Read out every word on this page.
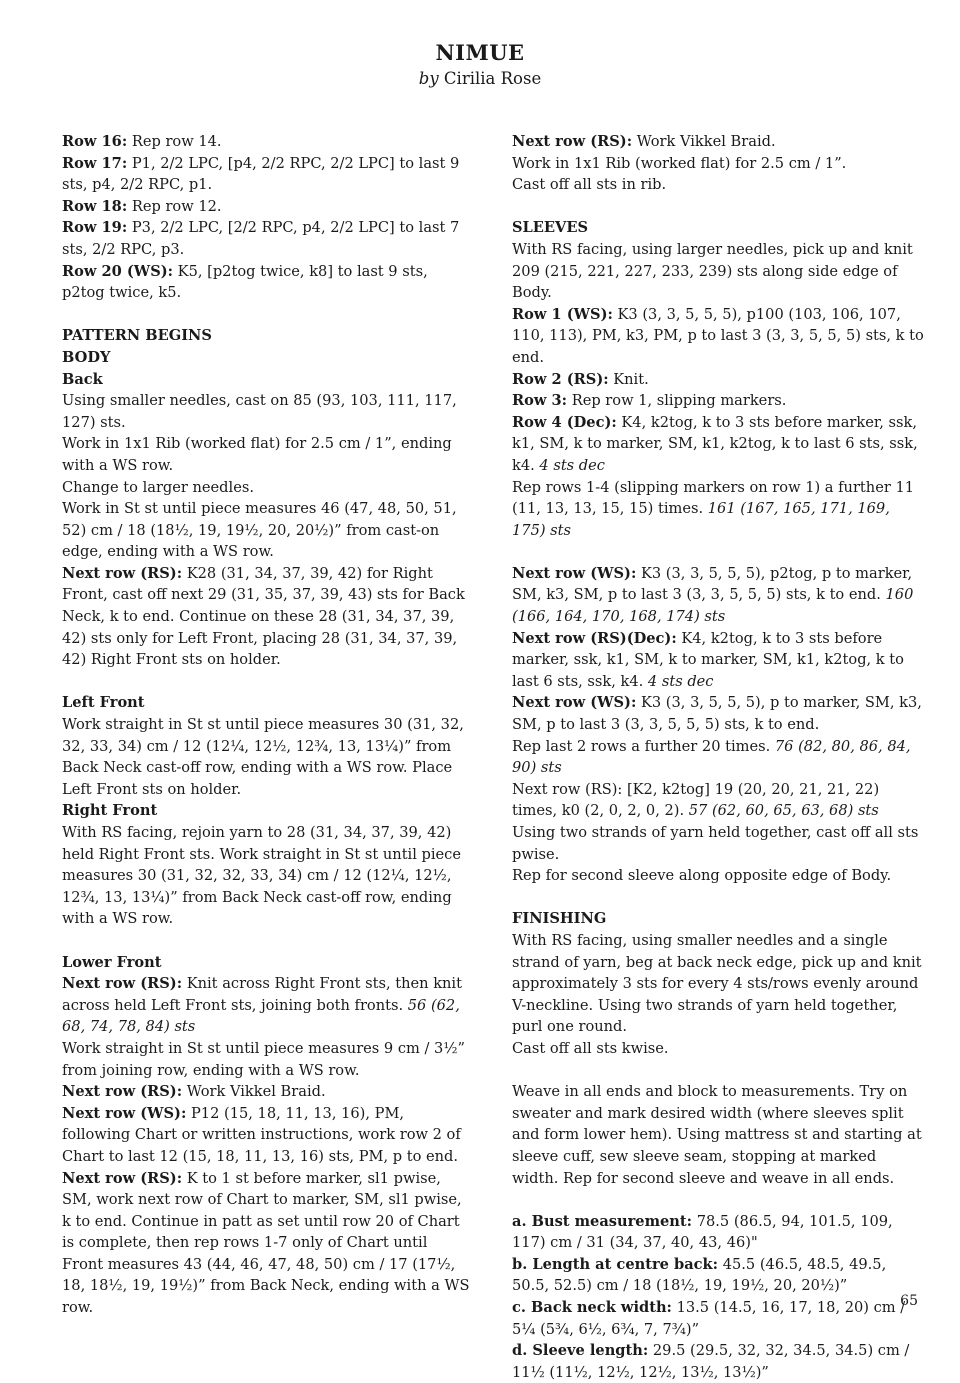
NIMUE
by Cirilia Rose

Row 16: Rep row 14.

Row 17: P1, 2/2 LPC, [p4, 2/2 RPC, 2/2 LPC] to last 9 sts, p4, 2/2 RPC, p1.

Row 18: Rep row 12.

Row 19: P3, 2/2 LPC, [2/2 RPC, p4, 2/2 LPC] to last 7 sts, 2/2 RPC, p3.

Row 20 (WS): K5, [p2tog twice, k8] to last 9 sts, p2tog twice, k5.

PATTERN BEGINS

BODY

Back

Using smaller needles, cast on 85 (93, 103, 111, 117, 127) sts.

Work in 1x1 Rib (worked flat) for 2.5 cm / 1”, ending with a WS row.

Change to larger needles.

Work in St st until piece measures 46 (47, 48, 50, 51, 52) cm / 18 (18½, 19, 19½, 20, 20½)” from cast-on edge, ending with a WS row.

Next row (RS): K28 (31, 34, 37, 39, 42) for Right Front, cast off next 29 (31, 35, 37, 39, 43) sts for Back Neck, k to end. Continue on these 28 (31, 34, 37, 39, 42) sts only for Left Front, placing 28 (31, 34, 37, 39, 42) Right Front sts on holder.

Left Front

Work straight in St st until piece measures 30 (31, 32, 32, 33, 34) cm / 12 (12¼, 12½, 12¾, 13, 13¼)” from Back Neck cast-off row, ending with a WS row. Place Left Front sts on holder.

Right Front

With RS facing, rejoin yarn to 28 (31, 34, 37, 39, 42) held Right Front sts. Work straight in St st until piece measures 30 (31, 32, 32, 33, 34) cm / 12 (12¼, 12½, 12¾, 13, 13¼)” from Back Neck cast-off row, ending with a WS row.

Lower Front

Next row (RS): Knit across Right Front sts, then knit across held Left Front sts, joining both fronts. 56 (62, 68, 74, 78, 84) sts

Work straight in St st until piece measures 9 cm / 3½” from joining row, ending with a WS row.

Next row (RS): Work Vikkel Braid.

Next row (WS): P12 (15, 18, 11, 13, 16), PM, following Chart or written instructions, work row 2 of Chart to last 12 (15, 18, 11, 13, 16) sts, PM, p to end.

Next row (RS): K to 1 st before marker, sl1 pwise, SM, work next row of Chart to marker, SM, sl1 pwise, k to end. Continue in patt as set until row 20 of Chart is complete, then rep rows 1-7 only of Chart until Front measures 43 (44, 46, 47, 48, 50) cm / 17 (17½, 18, 18½, 19, 19½)” from Back Neck, ending with a WS row.

Next row (RS): Work Vikkel Braid.

Work in 1x1 Rib (worked flat) for 2.5 cm / 1”.

Cast off all sts in rib.

SLEEVES

With RS facing, using larger needles, pick up and knit 209 (215, 221, 227, 233, 239) sts along side edge of Body.

Row 1 (WS): K3 (3, 3, 5, 5, 5), p100 (103, 106, 107, 110, 113), PM, k3, PM, p to last 3 (3, 3, 5, 5, 5) sts, k to end.

Row 2 (RS): Knit.

Row 3: Rep row 1, slipping markers.

Row 4 (Dec): K4, k2tog, k to 3 sts before marker, ssk, k1, SM, k to marker, SM, k1, k2tog, k to last 6 sts, ssk, k4. 4 sts dec

Rep rows 1-4 (slipping markers on row 1) a further 11 (11, 13, 13, 15, 15) times. 161 (167, 165, 171, 169, 175) sts

Next row (WS): K3 (3, 3, 5, 5, 5), p2tog, p to marker, SM, k3, SM, p to last 3 (3, 3, 5, 5, 5) sts, k to end. 160 (166, 164, 170, 168, 174) sts

Next row (RS)(Dec): K4, k2tog, k to 3 sts before marker, ssk, k1, SM, k to marker, SM, k1, k2tog, k to last 6 sts, ssk, k4. 4 sts dec

Next row (WS): K3 (3, 3, 5, 5, 5), p to marker, SM, k3, SM, p to last 3 (3, 3, 5, 5, 5) sts, k to end.

Rep last 2 rows a further 20 times. 76 (82, 80, 86, 84, 90) sts

Next row (RS): [K2, k2tog] 19 (20, 20, 21, 21, 22) times, k0 (2, 0, 2, 0, 2). 57 (62, 60, 65, 63, 68) sts

Using two strands of yarn held together, cast off all sts pwise.

Rep for second sleeve along opposite edge of Body.

FINISHING

With RS facing, using smaller needles and a single strand of yarn, beg at back neck edge, pick up and knit approximately 3 sts for every 4 sts/rows evenly around V-neckline. Using two strands of yarn held together, purl one round.

Cast off all sts kwise.

Weave in all ends and block to measurements. Try on sweater and mark desired width (where sleeves split and form lower hem). Using mattress st and starting at sleeve cuff, sew sleeve seam, stopping at marked width. Rep for second sleeve and weave in all ends.

a. Bust measurement: 78.5 (86.5, 94, 101.5, 109, 117) cm / 31 (34, 37, 40, 43, 46)"

b. Length at centre back: 45.5 (46.5, 48.5, 49.5, 50.5, 52.5) cm / 18 (18½, 19, 19½, 20, 20½)”

c. Back neck width: 13.5 (14.5, 16, 17, 18, 20) cm / 5¼ (5¾, 6½, 6¾, 7, 7¾)”

d. Sleeve length: 29.5 (29.5, 32, 32, 34.5, 34.5) cm / 11½ (11½, 12½, 12½, 13½, 13½)”

65
